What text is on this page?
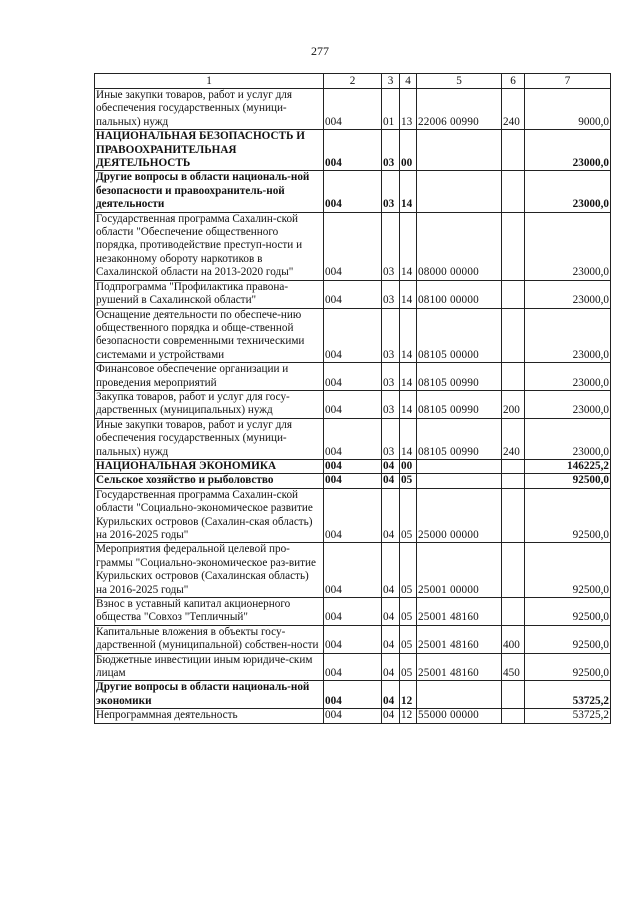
277
1	2	3	4	5	6	7
Иные закупки товаров, работ и услуг для обеспечения государственных (муници-пальных) нужд	004	01	13	22006 00990	240	9000,0
НАЦИОНАЛЬНАЯ БЕЗОПАСНОСТЬ И ПРАВООХРАНИТЕЛЬНАЯ ДЕЯТЕЛЬНОСТЬ	004	03	00			23000,0
Другие вопросы в области националь-ной безопасности и правоохранитель-ной деятельности	004	03	14			23000,0
Государственная программа Сахалин-ской области "Обеспечение общественного порядка, противодействие преступ-ности и незаконному обороту наркотиков в Сахалинской области на 2013-2020 годы"	004	03	14	08000 00000		23000,0
Подпрограмма "Профилактика правона-рушений в Сахалинской области"	004	03	14	08100 00000		23000,0
Оснащение деятельности по обеспече-нию общественного порядка и обще-ственной безопасности современными техническими системами и устройствами	004	03	14	08105 00000		23000,0
Финансовое обеспечение организации и проведения мероприятий	004	03	14	08105 00990		23000,0
Закупка товаров, работ и услуг для госу-дарственных (муниципальных) нужд	004	03	14	08105 00990	200	23000,0
Иные закупки товаров, работ и услуг для обеспечения государственных (муници-пальных) нужд	004	03	14	08105 00990	240	23000,0
НАЦИОНАЛЬНАЯ ЭКОНОМИКА	004	04	00			146225,2
Сельское хозяйство и рыболовство	004	04	05			92500,0
Государственная программа Сахалин-ской области "Социально-экономическое развитие Курильских островов (Сахалин-ская область) на 2016-2025 годы"	004	04	05	25000 00000		92500,0
Мероприятия федеральной целевой про-граммы "Социально-экономическое раз-витие Курильских островов (Сахалинская область) на 2016-2025 годы"	004	04	05	25001 00000		92500,0
Взнос в уставный капитал акционерного общества "Совхоз "Тепличный"	004	04	05	25001 48160		92500,0
Капитальные вложения в объекты госу-дарственной (муниципальной) собствен-ности	004	04	05	25001 48160	400	92500,0
Бюджетные инвестиции иным юридиче-ским лицам	004	04	05	25001 48160	450	92500,0
Другие вопросы в области националь-ной экономики	004	04	12			53725,2
Непрограммная деятельность	004	04	12	55000 00000		53725,2
